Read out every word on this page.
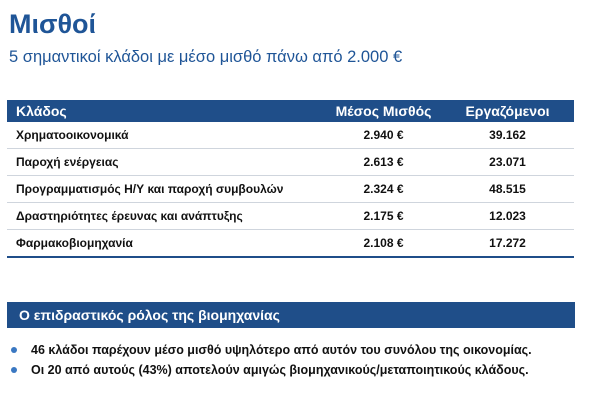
Μισθοί
5 σημαντικοί κλάδοι με μέσο μισθό πάνω από 2.000 €
Κλάδος	Μέσος Μισθός	Εργαζόμενοι
Χρηματοοικονομικά	2.940 €	39.162
Παροχή ενέργειας	2.613 €	23.071
Προγραμματισμός Η/Υ και παροχή συμβουλών	2.324 €	48.515
Δραστηριότητες έρευνας και ανάπτυξης	2.175 €	12.023
Φαρμακοβιομηχανία	2.108 €	17.272
Ο επιδραστικός ρόλος της βιομηχανίας
46 κλάδοι παρέχουν μέσο μισθό υψηλότερο από αυτόν του συνόλου της οικονομίας.
Οι 20 από αυτούς (43%) αποτελούν αμιγώς βιομηχανικούς/μεταποιητικούς κλάδους.
